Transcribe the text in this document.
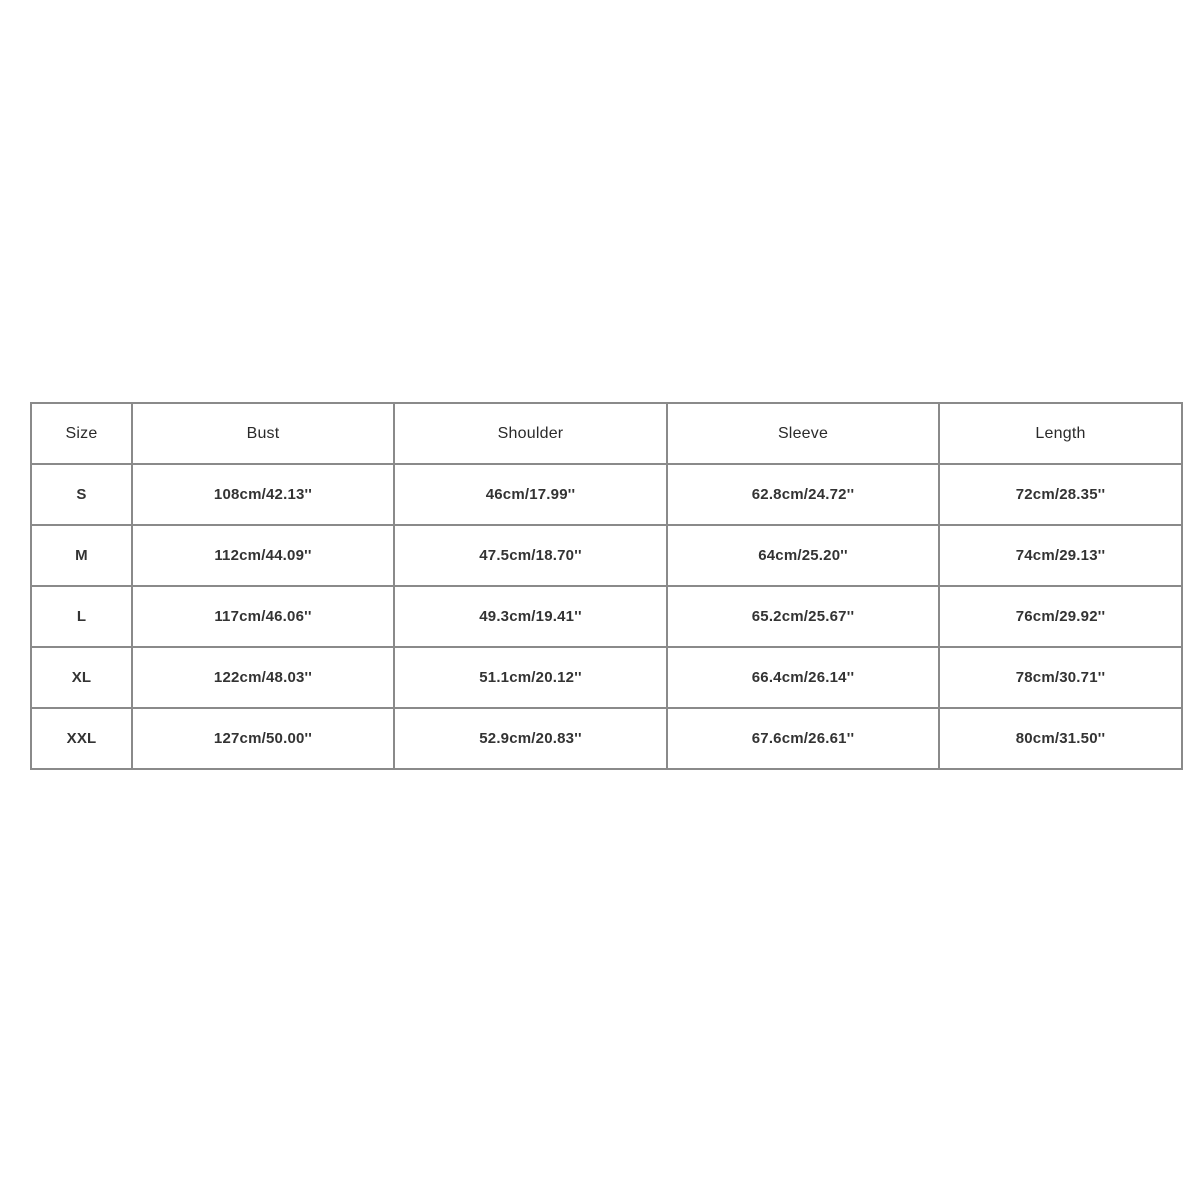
Size	Bust	Shoulder	Sleeve	Length
S	108cm/42.13''	46cm/17.99''	62.8cm/24.72''	72cm/28.35''
M	112cm/44.09''	47.5cm/18.70''	64cm/25.20''	74cm/29.13''
L	117cm/46.06''	49.3cm/19.41''	65.2cm/25.67''	76cm/29.92''
XL	122cm/48.03''	51.1cm/20.12''	66.4cm/26.14''	78cm/30.71''
XXL	127cm/50.00''	52.9cm/20.83''	67.6cm/26.61''	80cm/31.50''
